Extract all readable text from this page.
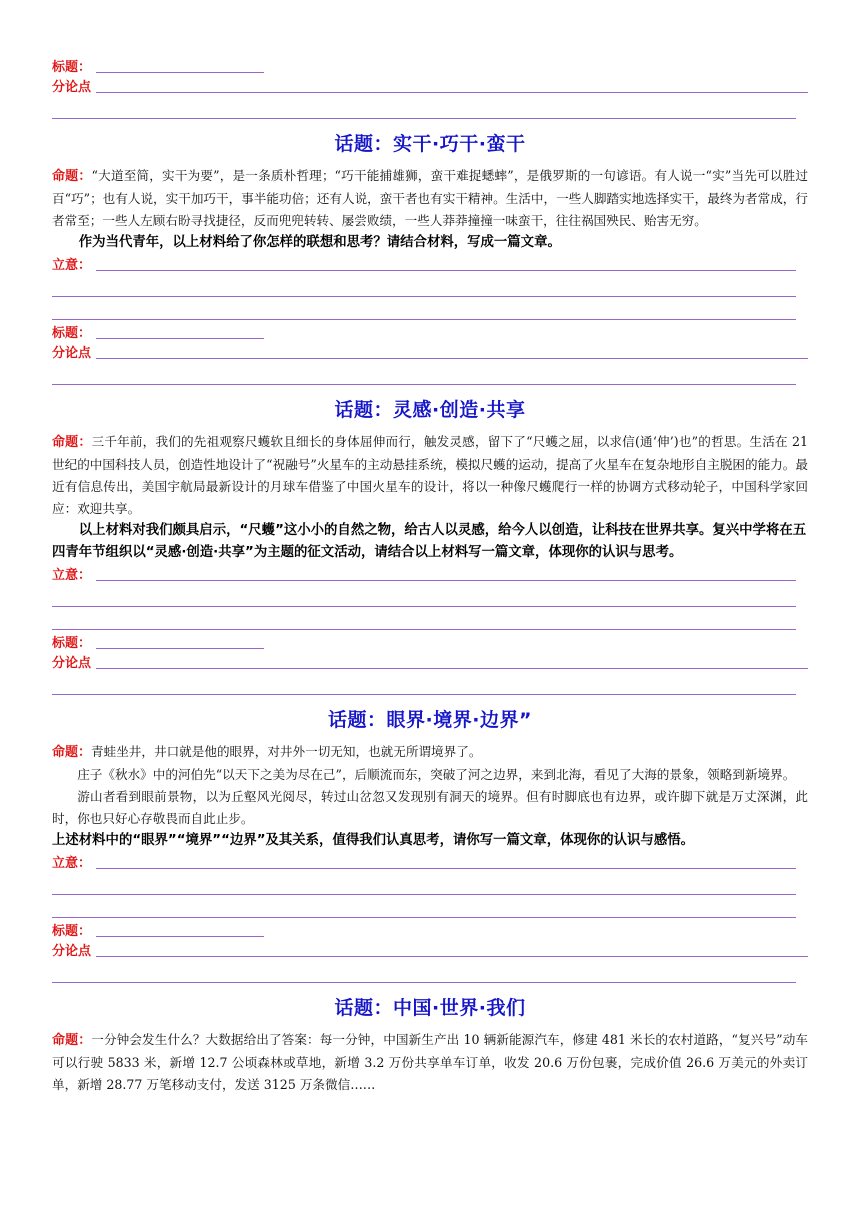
标题：
分论点
话题：实干·巧干·蛮干
命题：“大道至简，实干为要”，是一条质朴哲理；“巧干能捕雄狮，蛮干难捉蟋蟀”，是俄罗斯的一句谚语。有人说一“实”当先可以胜过百“巧”；也有人说，实干加巧干，事半能功倍；还有人说，蛮干者也有实干精神。生活中，一些人脚踏实地选择实干，最终为者常成，行者常至；一些人左顾右盼寻找捷径，反而兜兜转转、屡尝败绩，一些人莽莽撞撞一味蛮干，往往祸国殃民、贻害无穷。
作为当代青年，以上材料给了你怎样的联想和思考？请结合材料，写成一篇文章。
立意：
标题：
分论点
话题：灵感·创造·共享
命题：三千年前，我们的先祖观察尺蠖软且细长的身体屈伸而行，触发灵感，留下了“尺蠖之屈，以求信(通‘伸’)也”的哲思。生活在 21 世纪的中国科技人员，创造性地设计了“祝融号”火星车的主动悬挂系统，模拟尺蠖的运动，提高了火星车在复杂地形自主脱困的能力。最近有信息传出，美国宇航局最新设计的月球车借鉴了中国火星车的设计，将以一种像尺蠖爬行一样的协调方式移动轮子，中国科学家回应：欢迎共享。
以上材料对我们颇具启示，“尺蠖”这小小的自然之物，给古人以灵感，给今人以创造，让科技在世界共享。复兴中学将在五四青年节组织以“灵感·创造·共享”为主题的征文活动，请结合以上材料写一篇文章，体现你的认识与思考。
立意：
标题：
分论点
话题：眼界·境界·边界”
命题：青蛙坐井，井口就是他的眼界，对井外一切无知，也就无所谓境界了。
庄子《秋水》中的河伯先“以天下之美为尽在己”，后顺流而东，突破了河之边界，来到北海，看见了大海的景象，领略到新境界。
游山者看到眼前景物，以为丘壑风光阅尽，转过山岔忽又发现别有洞天的境界。但有时脚底也有边界，或许脚下就是万丈深渊，此时，你也只好心存敬畏而自此止步。
上述材料中的“眼界”“境界”“边界”及其关系，值得我们认真思考，请你写一篇文章，体现你的认识与感悟。
立意：
标题：
分论点
话题：中国·世界·我们
命题：一分钟会发生什么？大数据给出了答案：每一分钟，中国新生产出 10 辆新能源汽车，修建 481 米长的农村道路，“复兴号”动车可以行驶 5833 米，新增 12.7 公顷森林或草地，新增 3.2 万份共享单车订单，收发 20.6 万份包裹，完成价值 26.6 万美元的外卖订单，新增 28.77 万笔移动支付，发送 3125 万条微信……
